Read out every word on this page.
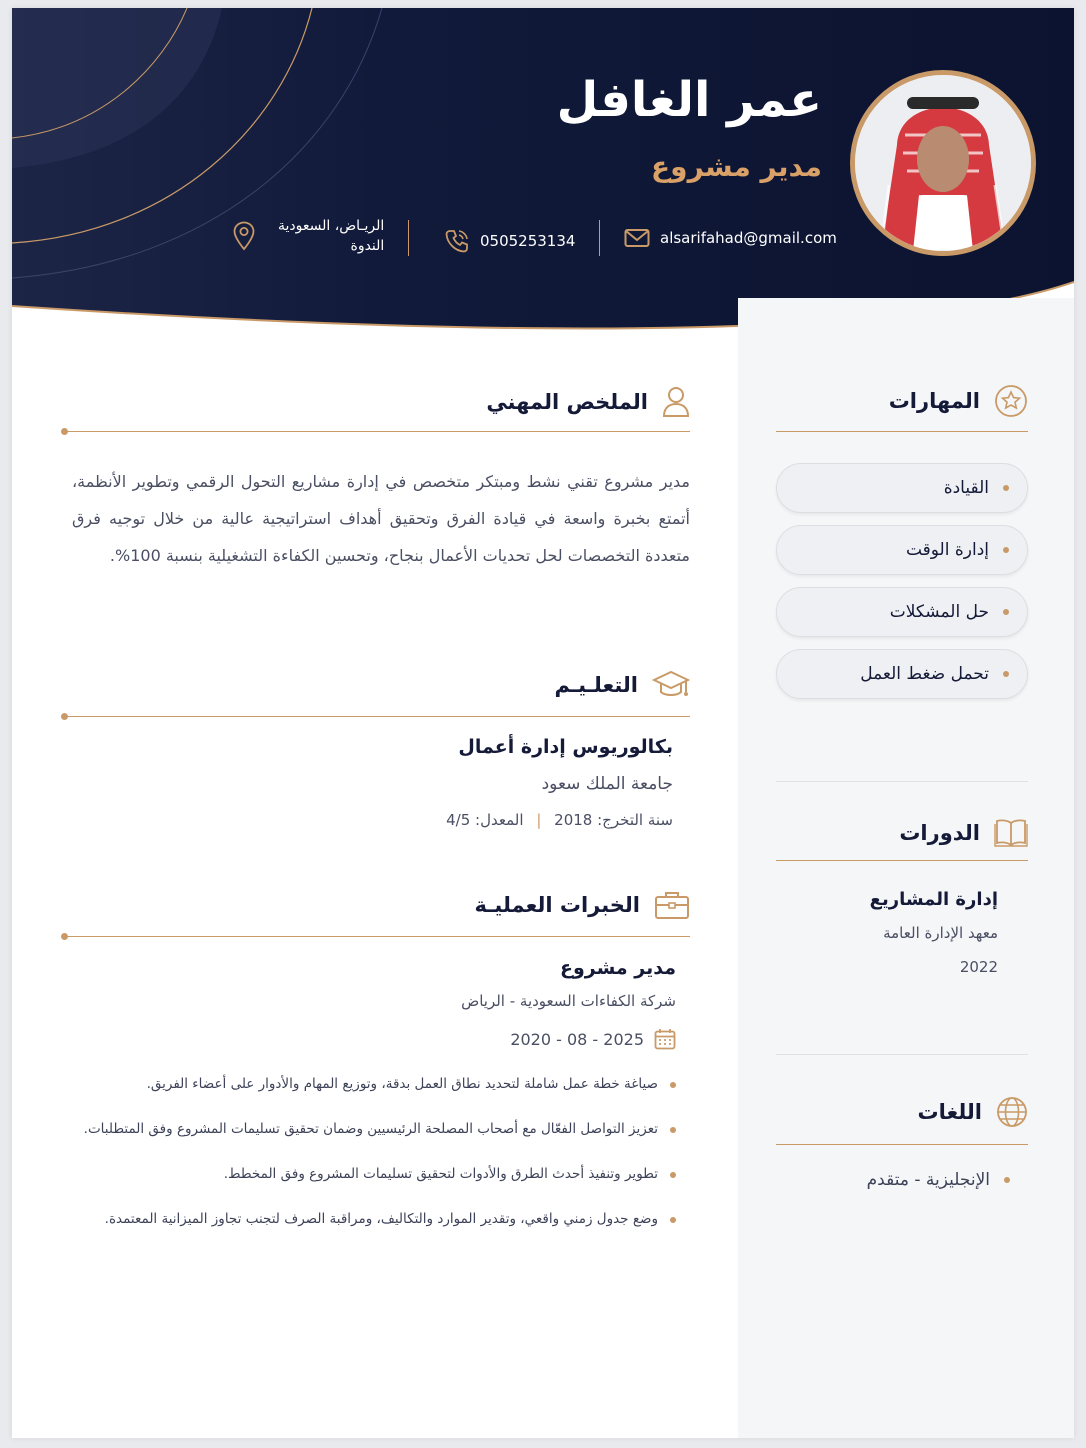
عمر الغافل
مدير مشروع
alsarifahad@gmail.com
0505253134
الريـاض، السعودية
الندوة
الملخص المهني
مدير مشروع تقني نشط ومبتكر متخصص في إدارة مشاريع التحول الرقمي وتطوير الأنظمة، أتمتع بخبرة واسعة في قيادة الفرق وتحقيق أهداف استراتيجية عالية من خلال توجيه فرق متعددة التخصصات لحل تحديات الأعمال بنجاح، وتحسين الكفاءة التشغيلية بنسبة 100%.
التعلـيـم
بكالوريوس إدارة أعمال
جامعة الملك سعود
سنة التخرج: 2018 | المعدل: 4/5
الخبرات العمليـة
مدير مشروع
شركة الكفاءات السعودية - الرياض
2020 - 08 - 2025
صياغة خطة عمل شاملة لتحديد نطاق العمل بدقة، وتوزيع المهام والأدوار على أعضاء الفريق.
تعزيز التواصل الفعّال مع أصحاب المصلحة الرئيسيين وضمان تحقيق تسليمات المشروع وفق المتطلبات.
تطوير وتنفيذ أحدث الطرق والأدوات لتحقيق تسليمات المشروع وفق المخطط.
وضع جدول زمني واقعي، وتقدير الموارد والتكاليف، ومراقبة الصرف لتجنب تجاوز الميزانية المعتمدة.
المهارات
القيادة
إدارة الوقت
حل المشكلات
تحمل ضغط العمل
الدورات
إدارة المشاريع
معهد الإدارة العامة
2022
اللغات
الإنجليزية - متقدم
